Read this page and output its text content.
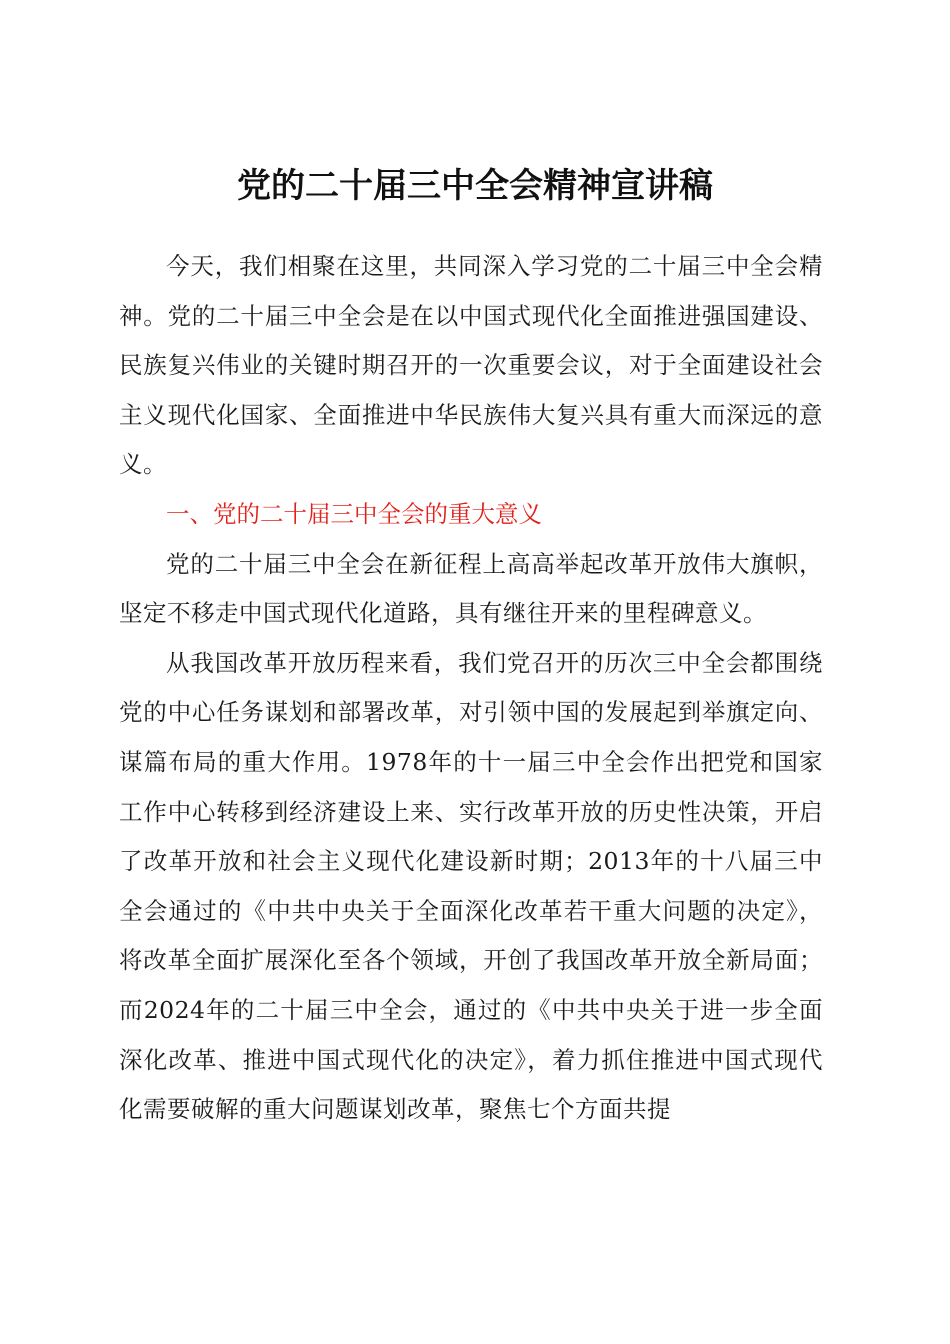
党的二十届三中全会精神宣讲稿

今天，我们相聚在这里，共同深入学习党的二十届三中全会精神。党的二十届三中全会是在以中国式现代化全面推进强国建设、民族复兴伟业的关键时期召开的一次重要会议，对于全面建设社会主义现代化国家、全面推进中华民族伟大复兴具有重大而深远的意义。

一、党的二十届三中全会的重大意义

党的二十届三中全会在新征程上高高举起改革开放伟大旗帜，坚定不移走中国式现代化道路，具有继往开来的里程碑意义。

从我国改革开放历程来看，我们党召开的历次三中全会都围绕党的中心任务谋划和部署改革，对引领中国的发展起到举旗定向、谋篇布局的重大作用。1978年的十一届三中全会作出把党和国家工作中心转移到经济建设上来、实行改革开放的历史性决策，开启了改革开放和社会主义现代化建设新时期；2013年的十八届三中全会通过的《中共中央关于全面深化改革若干重大问题的决定》，将改革全面扩展深化至各个领域，开创了我国改革开放全新局面；而2024年的二十届三中全会，通过的《中共中央关于进一步全面深化改革、推进中国式现代化的决定》，着力抓住推进中国式现代化需要破解的重大问题谋划改革，聚焦七个方面共提
